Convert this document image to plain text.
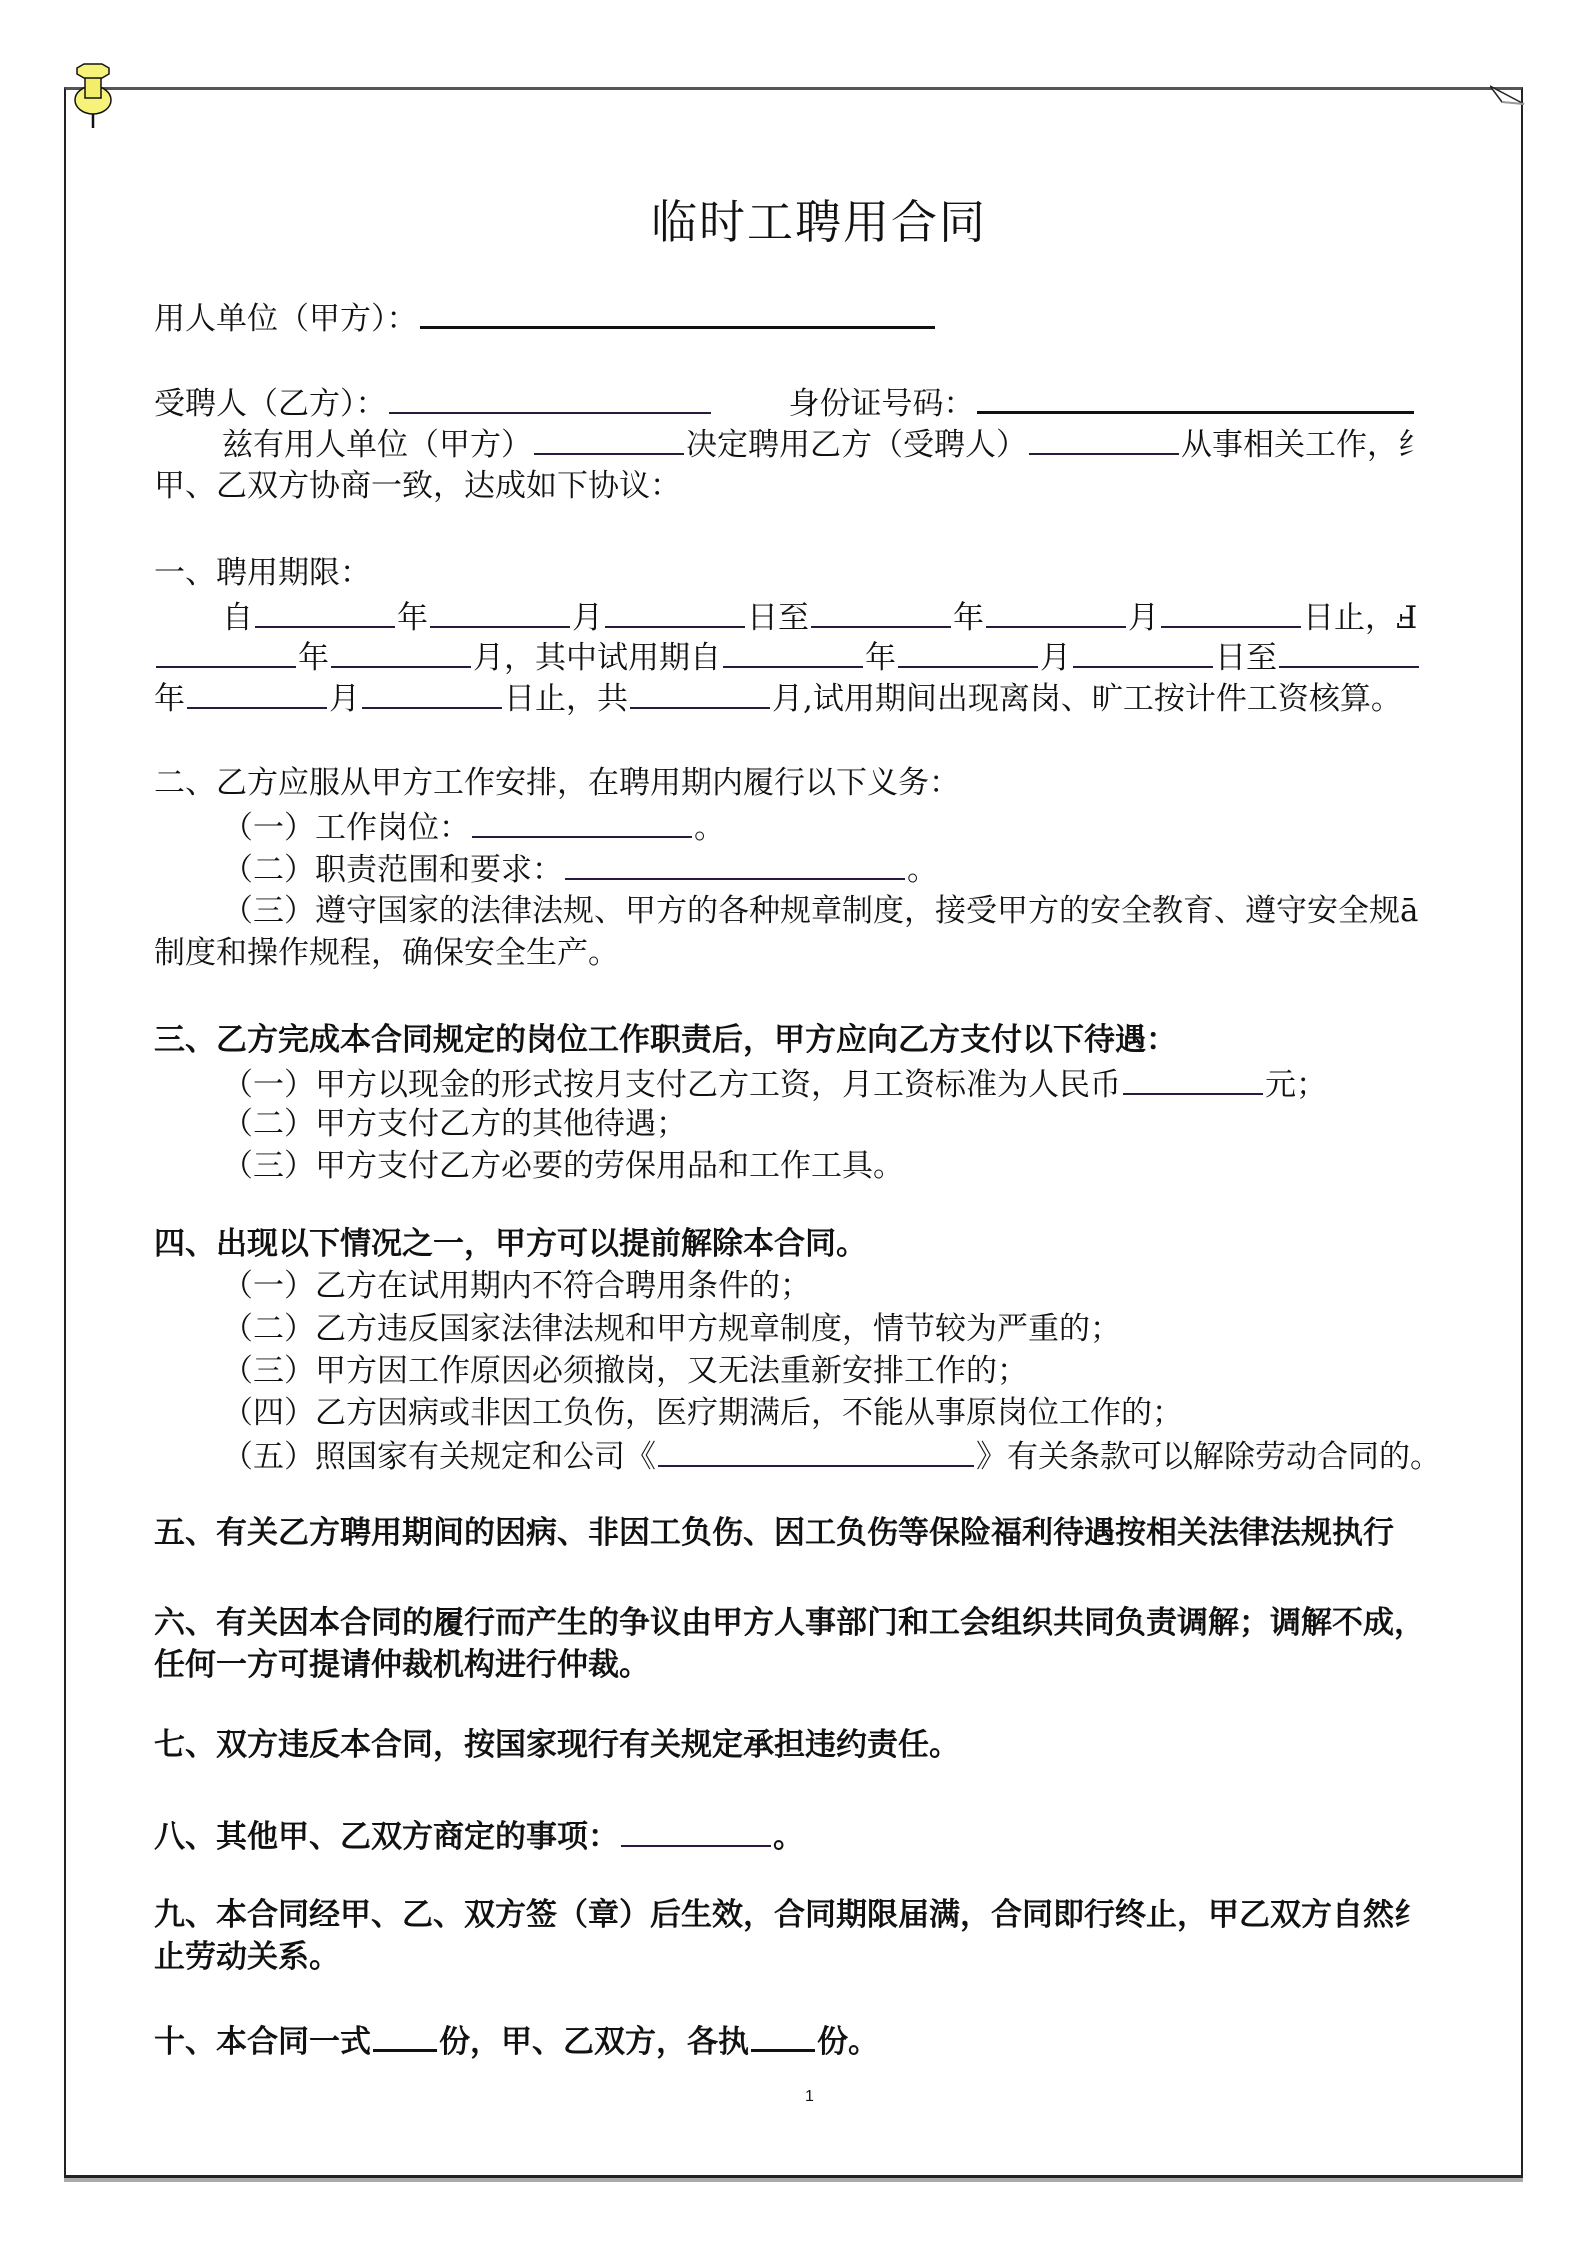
临时工聘用合同
用人单位（甲方）：
受聘人（乙方）：	身份证号码：
兹有用人单位（甲方）	决定聘用乙方（受聘人）	从事相关工作，纟
甲、乙双方协商一致，达成如下协议：
一、聘用期限：
自	年	月	日至	年	月	日止，Ⅎ
年	月，其中试用期自	年	月	日至
年	月	日止，共	月,试用期间出现离岗、旷工按计件工资核算。
二、乙方应服从甲方工作安排，在聘用期内履行以下义务：
（一）工作岗位：	。
（二）职责范围和要求：	。
（三）遵守国家的法律法规、甲方的各种规章制度，接受甲方的安全教育、遵守安全规ā
制度和操作规程，确保安全生产。
三、乙方完成本合同规定的岗位工作职责后，甲方应向乙方支付以下待遇：
（一）甲方以现金的形式按月支付乙方工资，月工资标准为人民币	元；
（二）甲方支付乙方的其他待遇；
（三）甲方支付乙方必要的劳保用品和工作工具。
四、出现以下情况之一，甲方可以提前解除本合同。
（一）乙方在试用期内不符合聘用条件的；
（二）乙方违反国家法律法规和甲方规章制度，情节较为严重的；
（三）甲方因工作原因必须撤岗，又无法重新安排工作的；
（四）乙方因病或非因工负伤，医疗期满后，不能从事原岗位工作的；
（五）照国家有关规定和公司《	》有关条款可以解除劳动合同的。
五、有关乙方聘用期间的因病、非因工负伤、因工负伤等保险福利待遇按相关法律法规执行
六、有关因本合同的履行而产生的争议由甲方人事部门和工会组织共同负责调解；调解不成，
任何一方可提请仲裁机构进行仲裁。
七、双方违反本合同，按国家现行有关规定承担违约责任。
八、其他甲、乙双方商定的事项：	。
九、本合同经甲、乙、双方签（章）后生效，合同期限届满，合同即行终止，甲乙双方自然纟
止劳动关系。
十、本合同一式 份，甲、乙双方，各执 份。
1
